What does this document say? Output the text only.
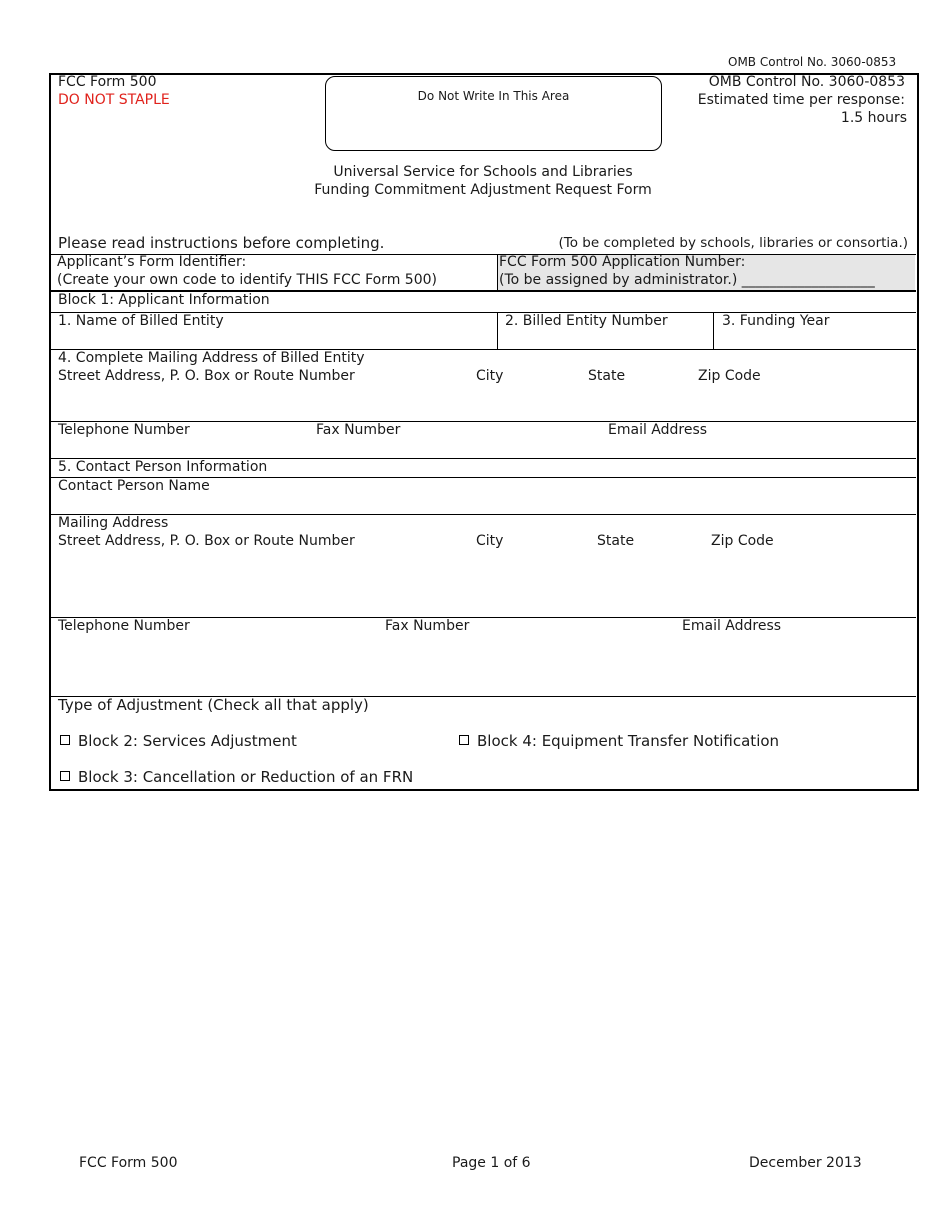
OMB Control No. 3060-0853
FCC Form 500
DO NOT STAPLE	Do Not Write In This Area
OMB Control No. 3060-0853
Estimated time per response:
1.5 hours
Universal Service for Schools and Libraries
Funding Commitment Adjustment Request Form
Please read instructions before completing.	(To be completed by schools, libraries or consortia.)
Applicant’s Form Identifier:
(Create your own code to identify THIS FCC Form 500)
FCC Form 500 Application Number:
(To be assigned by administrator.) ___________________
Block 1: Applicant Information
1. Name of Billed Entity	2. Billed Entity Number	3. Funding Year
4. Complete Mailing Address of Billed Entity
Street Address, P. O. Box or Route Number	City	State	Zip Code
Telephone Number	Fax Number	Email Address
5. Contact Person Information
Contact Person Name
Mailing Address
Street Address, P. O. Box or Route Number	City	State	Zip Code
Telephone Number	Fax Number	Email Address
Type of Adjustment (Check all that apply)
Block 2: Services Adjustment	Block 4: Equipment Transfer Notification
Block 3: Cancellation or Reduction of an FRN
FCC Form 500	Page 1 of 6	December 2013
